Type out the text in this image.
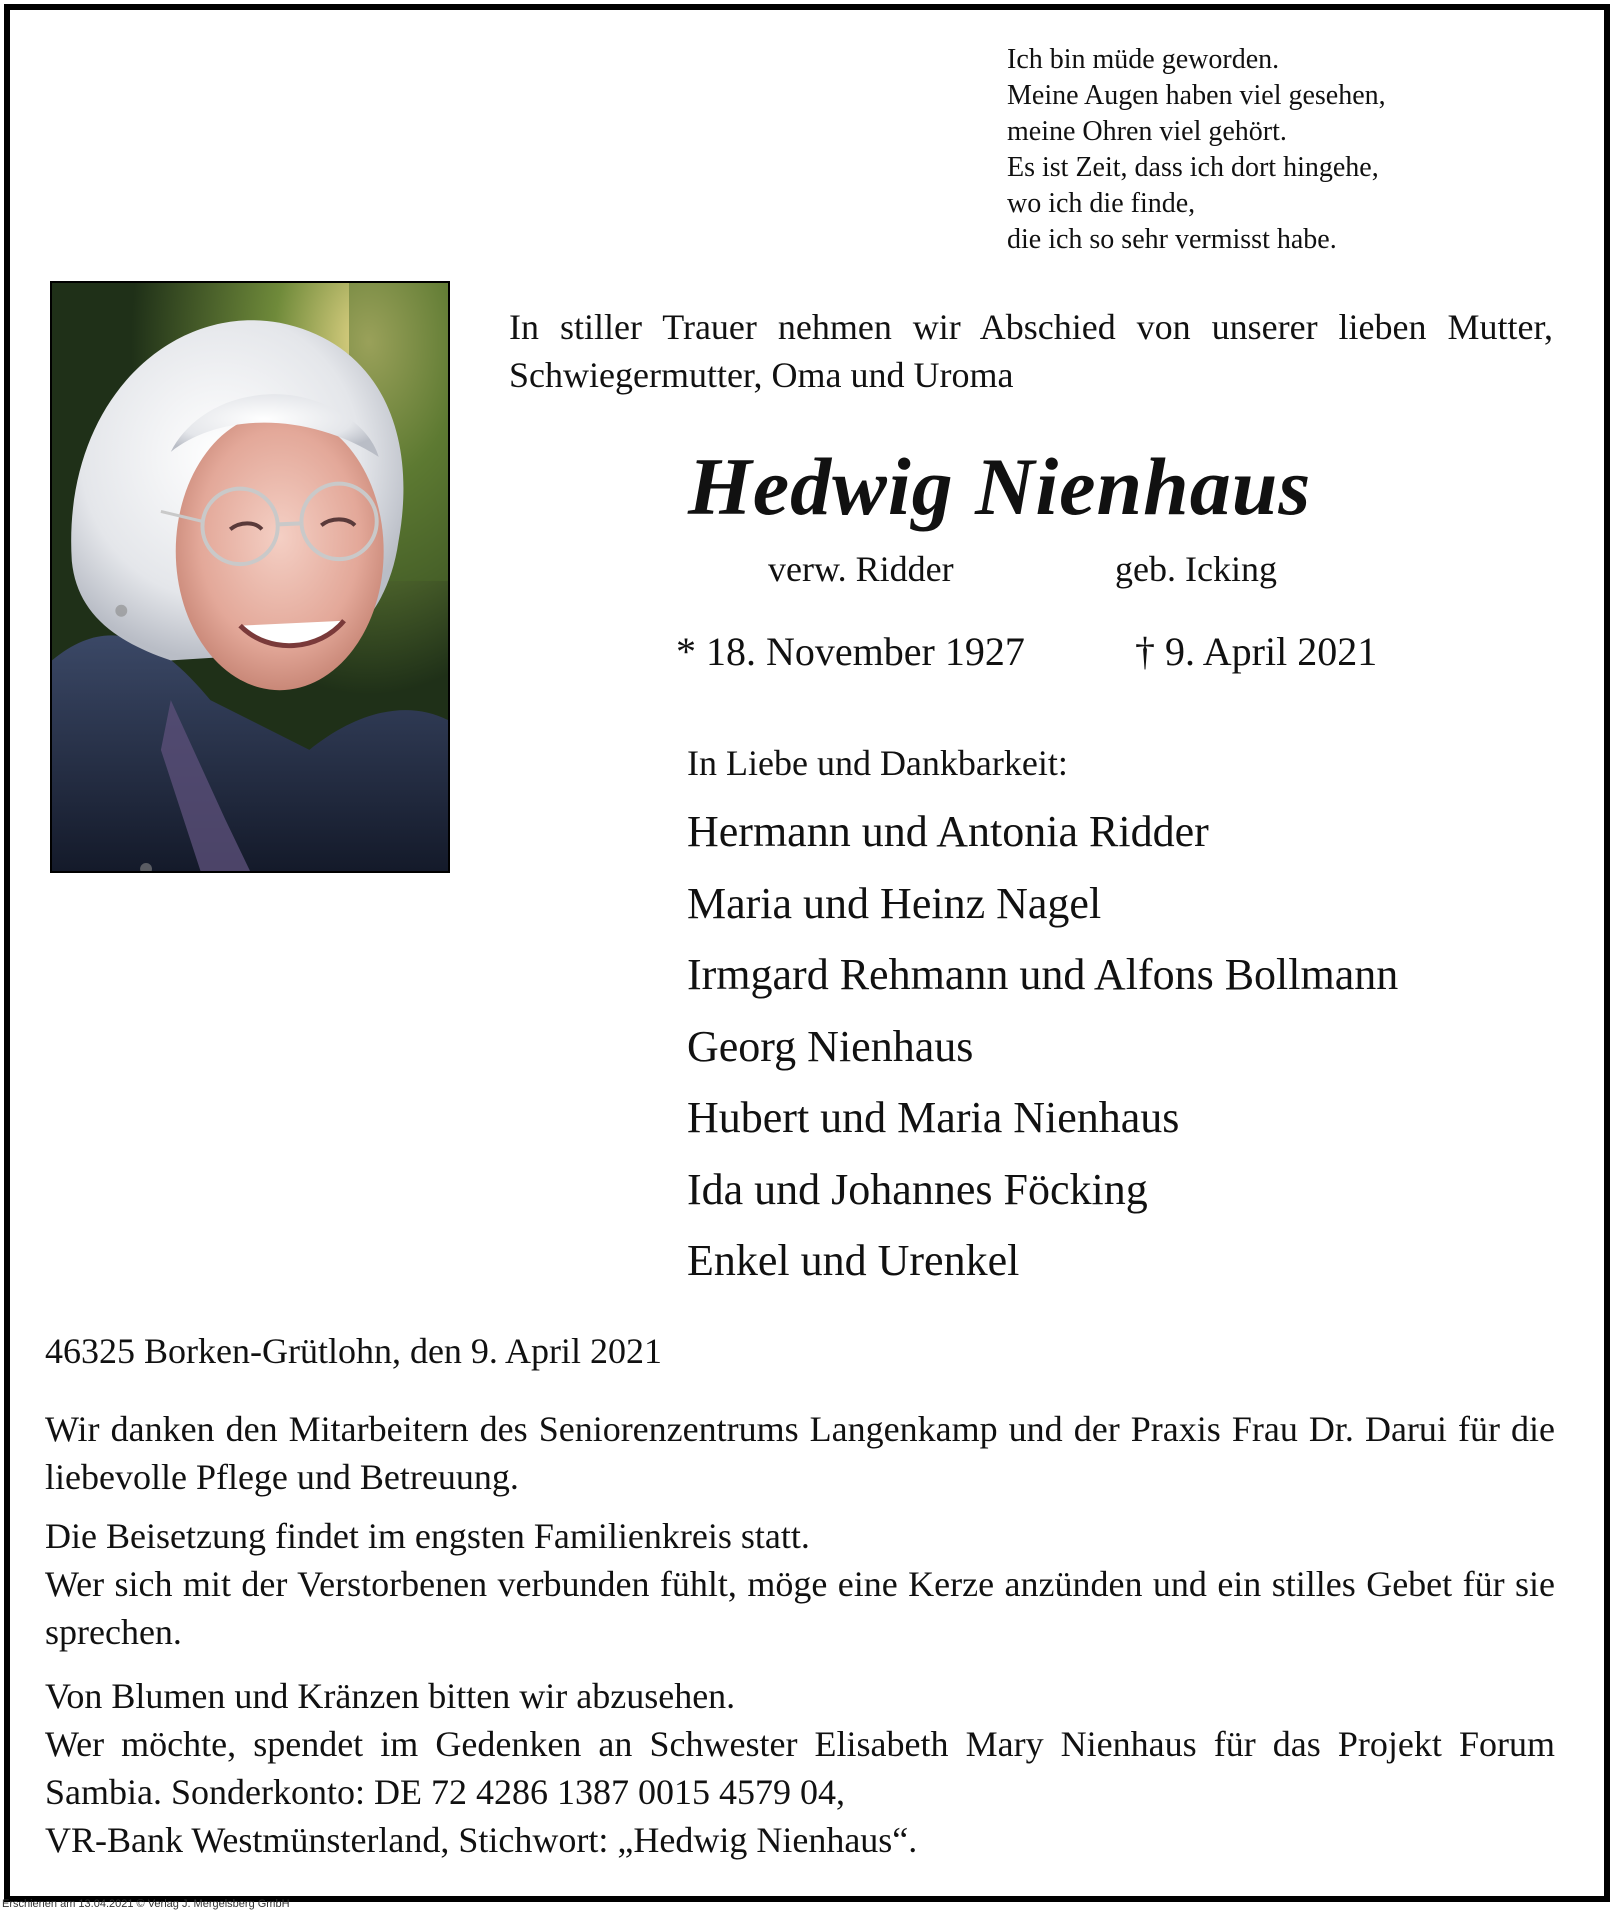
Ich bin müde geworden.
Meine Augen haben viel gesehen,
meine Ohren viel gehört.
Es ist Zeit, dass ich dort hingehe,
wo ich die finde,
die ich so sehr vermisst habe.
In stiller Trauer nehmen wir Abschied von unserer lieben Mutter, Schwiegermutter, Oma und Uroma
Hedwig Nienhaus
verw. Ridder	geb. Icking
* 18. November 1927	† 9. April 2021
In Liebe und Dankbarkeit:
Hermann und Antonia Ridder
Maria und Heinz Nagel
Irmgard Rehmann und Alfons Bollmann
Georg Nienhaus
Hubert und Maria Nienhaus
Ida und Johannes Föcking
Enkel und Urenkel
46325 Borken-Grütlohn, den 9. April 2021
Wir danken den Mitarbeitern des Seniorenzentrums Langenkamp und der Praxis Frau Dr. Darui für die liebevolle Pflege und Betreuung.
Die Beisetzung findet im engsten Familienkreis statt.
Wer sich mit der Verstorbenen verbunden fühlt, möge eine Kerze anzünden und ein stilles Gebet für sie sprechen.
Von Blumen und Kränzen bitten wir abzusehen.
Wer möchte, spendet im Gedenken an Schwester Elisabeth Mary Nienhaus für das Projekt Forum Sambia. Sonderkonto: DE 72 4286 1387 0015 4579 04,
VR-Bank Westmünsterland, Stichwort: „Hedwig Nienhaus“.
Erschienen am 13.04.2021 © Verlag J. Mergelsberg GmbH
